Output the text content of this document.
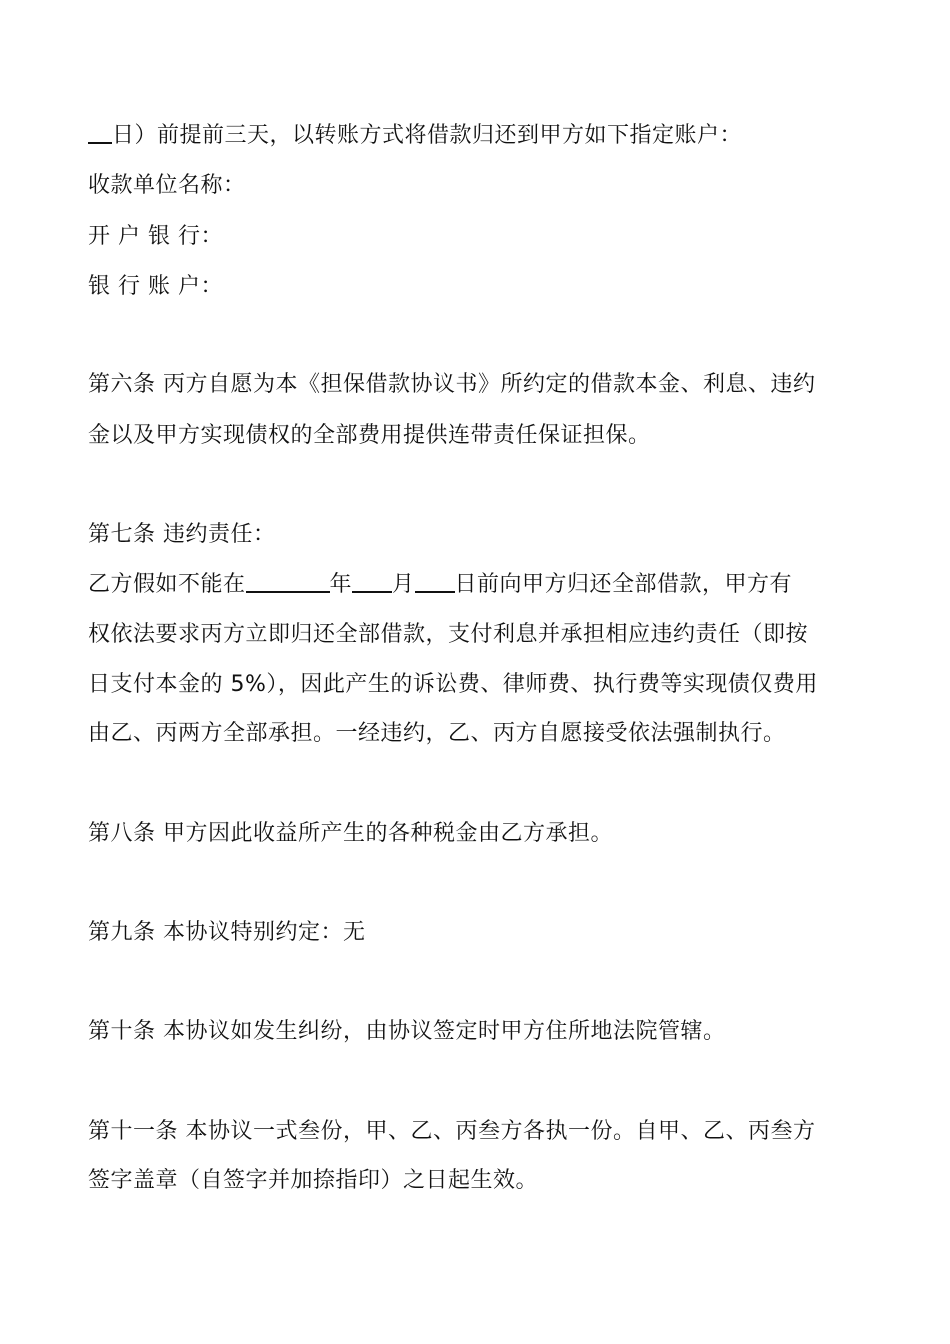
日）前提前三天，以转账方式将借款归还到甲方如下指定账户：
收款单位名称：
开 户 银 行：
银 行 账 户：
第六条 丙方自愿为本《担保借款协议书》所约定的借款本金、利息、违约
金以及甲方实现债权的全部费用提供连带责任保证担保。
第七条 违约责任：
乙方假如不能在	年 月 日前向甲方归还全部借款，甲方有
权依法要求丙方立即归还全部借款，支付利息并承担相应违约责任（即按
日支付本金的 5%），因此产生的诉讼费、律师费、执行费等实现债仅费用
由乙、丙两方全部承担。一经违约，乙、丙方自愿接受依法强制执行。
第八条 甲方因此收益所产生的各种税金由乙方承担。
第九条 本协议特别约定：无
第十条 本协议如发生纠纷，由协议签定时甲方住所地法院管辖。
第十一条 本协议一式叁份，甲、乙、丙叁方各执一份。自甲、乙、丙叁方
签字盖章（自签字并加捺指印）之日起生效。
